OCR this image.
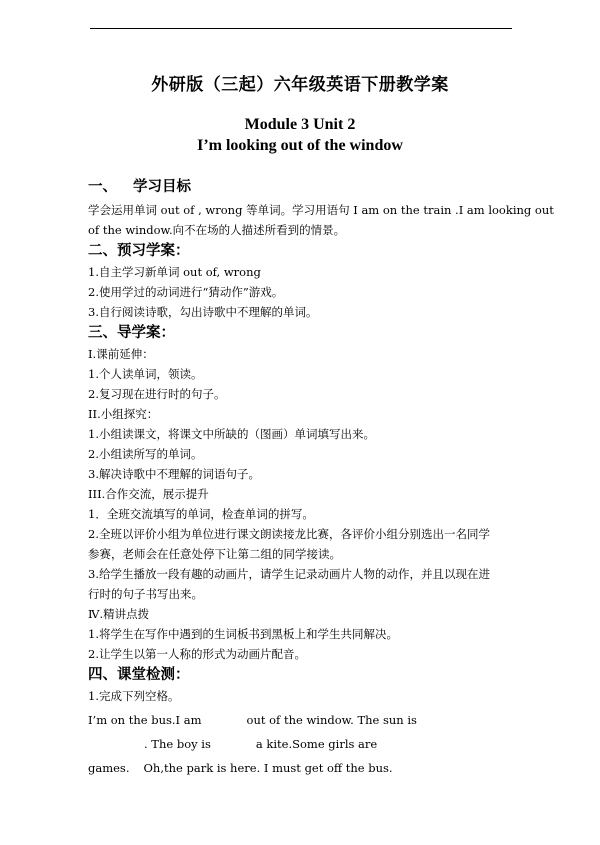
外研版（三起）六年级英语下册教学案
Module 3 Unit 2
I’m looking out of the window
一、 学习目标
学会运用单词 out of , wrong 等单词。学习用语句 I am on the train .I am looking out
of the window.向不在场的人描述所看到的情景。
二、预习学案：
1.自主学习新单词 out of, wrong
2.使用学过的动词进行“猜动作”游戏。
3.自行阅读诗歌，勾出诗歌中不理解的单词。
三、导学案：
I.课前延伸：
1.个人读单词，领读。
2.复习现在进行时的句子。
II.小组探究：
1.小组读课文，将课文中所缺的（图画）单词填写出来。
2.小组读所写的单词。
3.解决诗歌中不理解的词语句子。
III.合作交流，展示提升
1．全班交流填写的单词，检查单词的拼写。
2.全班以评价小组为单位进行课文朗读接龙比赛，各评价小组分别选出一名同学
参赛，老师会在任意处停下让第二组的同学接读。
3.给学生播放一段有趣的动画片，请学生记录动画片人物的动作，并且以现在进
行时的句子书写出来。
Ⅳ.精讲点拨
1.将学生在写作中遇到的生词板书到黑板上和学生共同解决。
2.让学生以第一人称的形式为动画片配音。
四、课堂检测：
1.完成下列空格。
I’m on the bus.I am	out of the window. The sun is
. The boy is	a kite.Some girls are
games. Oh,the park is here. I must get off the bus.
